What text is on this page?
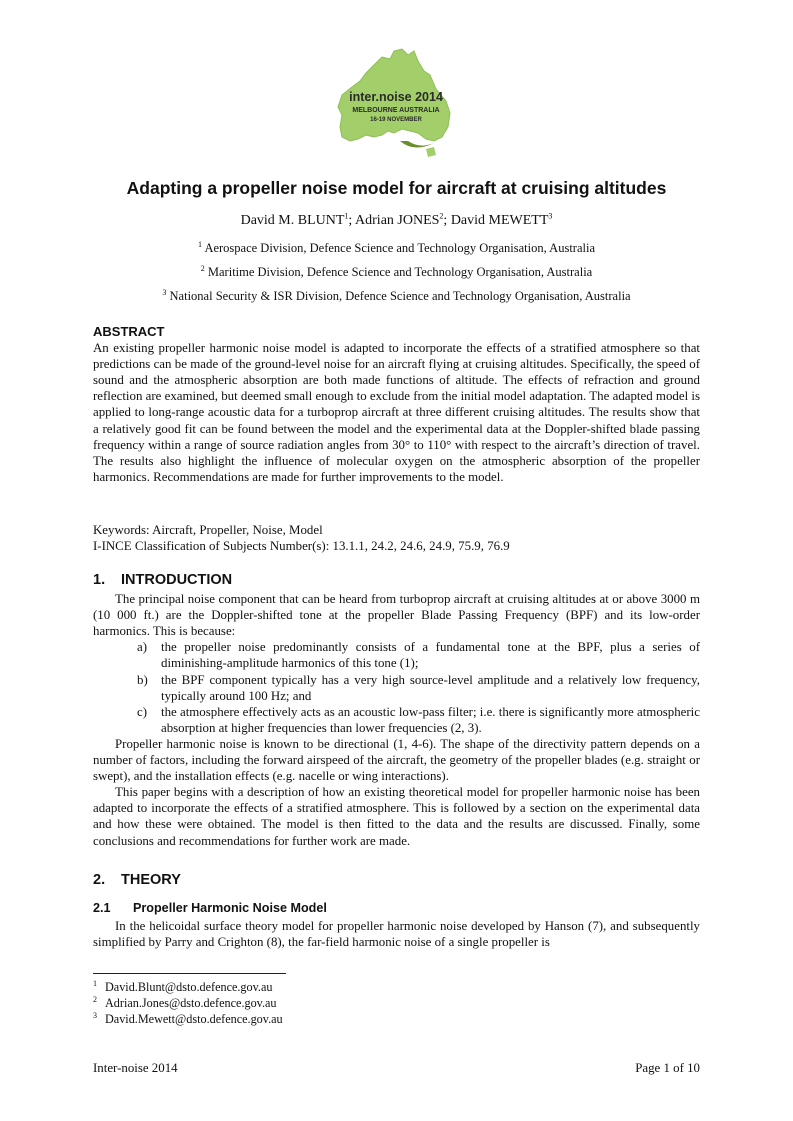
inter.noise 2014
MELBOURNE AUSTRALIA
16-19 NOVEMBER
Adapting a propeller noise model for aircraft at cruising altitudes
David M. BLUNT$^1$; Adrian JONES$^2$; David MEWETT$^3$
$^1$ Aerospace Division, Defence Science and Technology Organisation, Australia
$^2$ Maritime Division, Defence Science and Technology Organisation, Australia
$^3$ National Security & ISR Division, Defence Science and Technology Organisation, Australia
ABSTRACT

An existing propeller harmonic noise model is adapted to incorporate the effects of a stratified atmosphere so that predictions can be made of the ground-level noise for an aircraft flying at cruising altitudes. Specifically, the speed of sound and the atmospheric absorption are both made functions of altitude. The effects of refraction and ground reflection are examined, but deemed small enough to exclude from the initial model adaptation. The adapted model is applied to long-range acoustic data for a turboprop aircraft at three different cruising altitudes. The results show that a relatively good fit can be found between the model and the experimental data at the Doppler-shifted blade passing frequency within a range of source radiation angles from 30° to 110° with respect to the aircraft’s direction of travel. The results also highlight the influence of molecular oxygen on the atmospheric absorption of the propeller harmonics. Recommendations are made for further improvements to the model.

Keywords: Aircraft, Propeller, Noise, Model

I-INCE Classification of Subjects Number(s): 13.1.1, 24.2, 24.6, 24.9, 75.9, 76.9

1. INTRODUCTION

The principal noise component that can be heard from turboprop aircraft at cruising altitudes at or above 3000 m (10 000 ft.) are the Doppler-shifted tone at the propeller Blade Passing Frequency (BPF) and its low-order harmonics. This is because:

a) the propeller noise predominantly consists of a fundamental tone at the BPF, plus a series of diminishing-amplitude harmonics of this tone (1);
b) the BPF component typically has a very high source-level amplitude and a relatively low frequency, typically around 100 Hz; and
c) the atmosphere effectively acts as an acoustic low-pass filter; i.e. there is significantly more atmospheric absorption at higher frequencies than lower frequencies (2, 3).

Propeller harmonic noise is known to be directional (1, 4-6). The shape of the directivity pattern depends on a number of factors, including the forward airspeed of the aircraft, the geometry of the propeller blades (e.g. straight or swept), and the installation effects (e.g. nacelle or wing interactions).

This paper begins with a description of how an existing theoretical model for propeller harmonic noise has been adapted to incorporate the effects of a stratified atmosphere. This is followed by a section on the experimental data and how these were obtained. The model is then fitted to the data and the results are discussed. Finally, some conclusions and recommendations for further work are made.

2. THEORY
2.1 Propeller Harmonic Noise Model

In the helicoidal surface theory model for propeller harmonic noise developed by Hanson (7), and subsequently simplified by Parry and Crighton (8), the far-field harmonic noise of a single propeller is

$^1$ David.Blunt@dsto.defence.gov.au
$^2$ Adrian.Jones@dsto.defence.gov.au
$^3$ David.Mewett@dsto.defence.gov.au
Inter-noise 2014	Page 1 of 10
